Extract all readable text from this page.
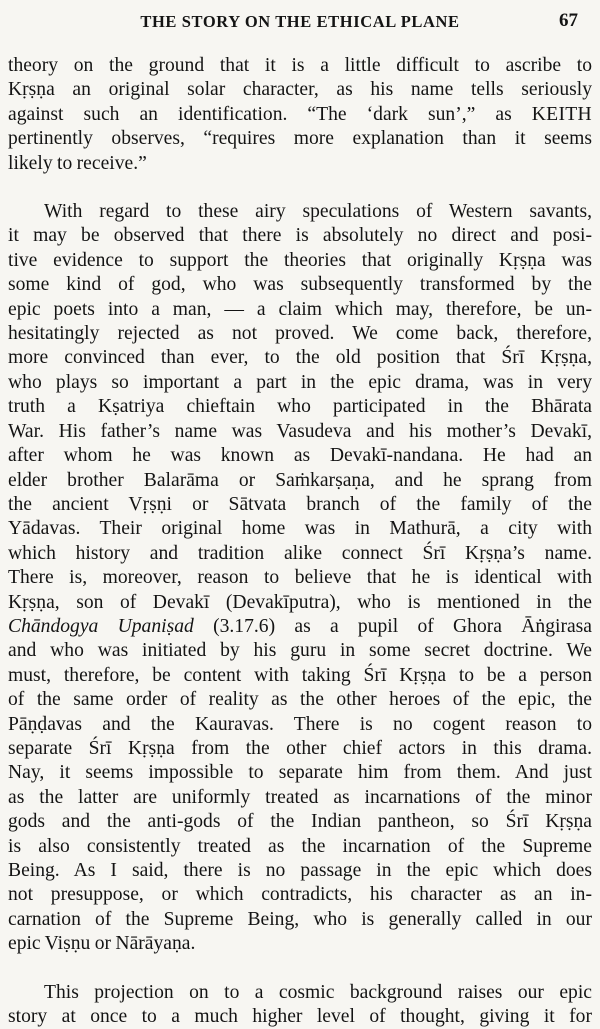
THE STORY ON THE ETHICAL PLANE	67
theory on the ground that it is a little difficult to ascribe to
Kṛṣṇa an original solar character, as his name tells seriously
against such an identification. “The ‘dark sun’,” as KEITH
pertinently observes, “requires more explanation than it seems
likely to receive.”
With regard to these airy speculations of Western savants,
it may be observed that there is absolutely no direct and posi-
tive evidence to support the theories that originally Kṛṣṇa was
some kind of god, who was subsequently transformed by the
epic poets into a man, — a claim which may, therefore, be un-
hesitatingly rejected as not proved. We come back, therefore,
more convinced than ever, to the old position that Śrī Kṛṣṇa,
who plays so important a part in the epic drama, was in very
truth a Kṣatriya chieftain who participated in the Bhārata
War. His father’s name was Vasudeva and his mother’s Devakī,
after whom he was known as Devakī-nandana. He had an
elder brother Balarāma or Saṁkarṣaṇa, and he sprang from
the ancient Vṛṣṇi or Sātvata branch of the family of the
Yādavas. Their original home was in Mathurā, a city with
which history and tradition alike connect Śrī Kṛṣṇa’s name.
There is, moreover, reason to believe that he is identical with
Kṛṣṇa, son of Devakī (Devakīputra), who is mentioned in the
Chāndogya Upaniṣad (3.17.6) as a pupil of Ghora Āṅgirasa
and who was initiated by his guru in some secret doctrine. We
must, therefore, be content with taking Śrī Kṛṣṇa to be a person
of the same order of reality as the other heroes of the epic, the
Pāṇḍavas and the Kauravas. There is no cogent reason to
separate Śrī Kṛṣṇa from the other chief actors in this drama.
Nay, it seems impossible to separate him from them. And just
as the latter are uniformly treated as incarnations of the minor
gods and the anti-gods of the Indian pantheon, so Śrī Kṛṣṇa
is also consistently treated as the incarnation of the Supreme
Being. As I said, there is no passage in the epic which does
not presuppose, or which contradicts, his character as an in-
carnation of the Supreme Being, who is generally called in our
epic Viṣṇu or Nārāyaṇa.
This projection on to a cosmic background raises our epic
story at once to a much higher level of thought, giving it for
